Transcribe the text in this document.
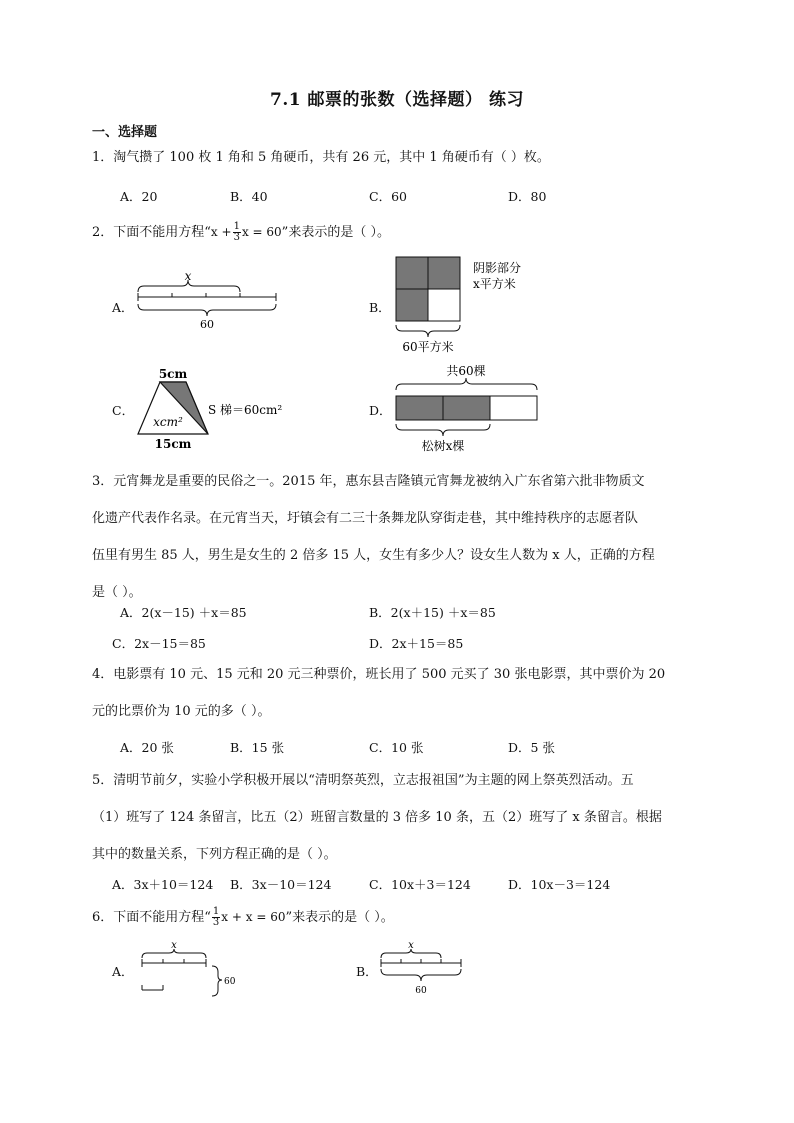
7.1 邮票的张数（选择题） 练习
一、选择题
1．淘气攒了 100 枚 1 角和 5 角硬币，共有 26 元，其中 1 角硬币有（ ）枚。
A．20	B．40	C．60	D．80
2．下面不能用方程“$x + \frac{1}{3}$ x = 60”来表示的是（ ）。
A．
x
60
B．
阴影部分
x平方米
60平方米
C．
5cm
xcm²
15cm
S 梯＝60cm²	D．
共60棵
松树x棵
3．元宵舞龙是重要的民俗之一。2015 年，惠东县吉隆镇元宵舞龙被纳入广东省第六批非物质文
化遗产代表作名录。在元宵当天，圩镇会有二三十条舞龙队穿街走巷，其中维持秩序的志愿者队
伍里有男生 85 人，男生是女生的 2 倍多 15 人，女生有多少人？设女生人数为 x 人，正确的方程
是（ ）。
A．2(x－15) ＋x＝85	B．2(x＋15) ＋x＝85
C．2x－15＝85	D．2x＋15＝85
4．电影票有 10 元、15 元和 20 元三种票价，班长用了 500 元买了 30 张电影票，其中票价为 20
元的比票价为 10 元的多（ ）。
A．20 张	B．15 张	C．10 张	D．5 张
5．清明节前夕，实验小学积极开展以“清明祭英烈，立志报祖国”为主题的网上祭英烈活动。五
（1）班写了 124 条留言，比五（2）班留言数量的 3 倍多 10 条，五（2）班写了 x 条留言。根据
其中的数量关系，下列方程正确的是（ ）。
A．3x＋10＝124 B．3x－10＝124	C．10x＋3＝124	D．10x－3＝124
6．下面不能用方程“ $\frac{1}{3}$ x + x = 60”来表示的是（ ）。
A．
x
60
B．
x
60
